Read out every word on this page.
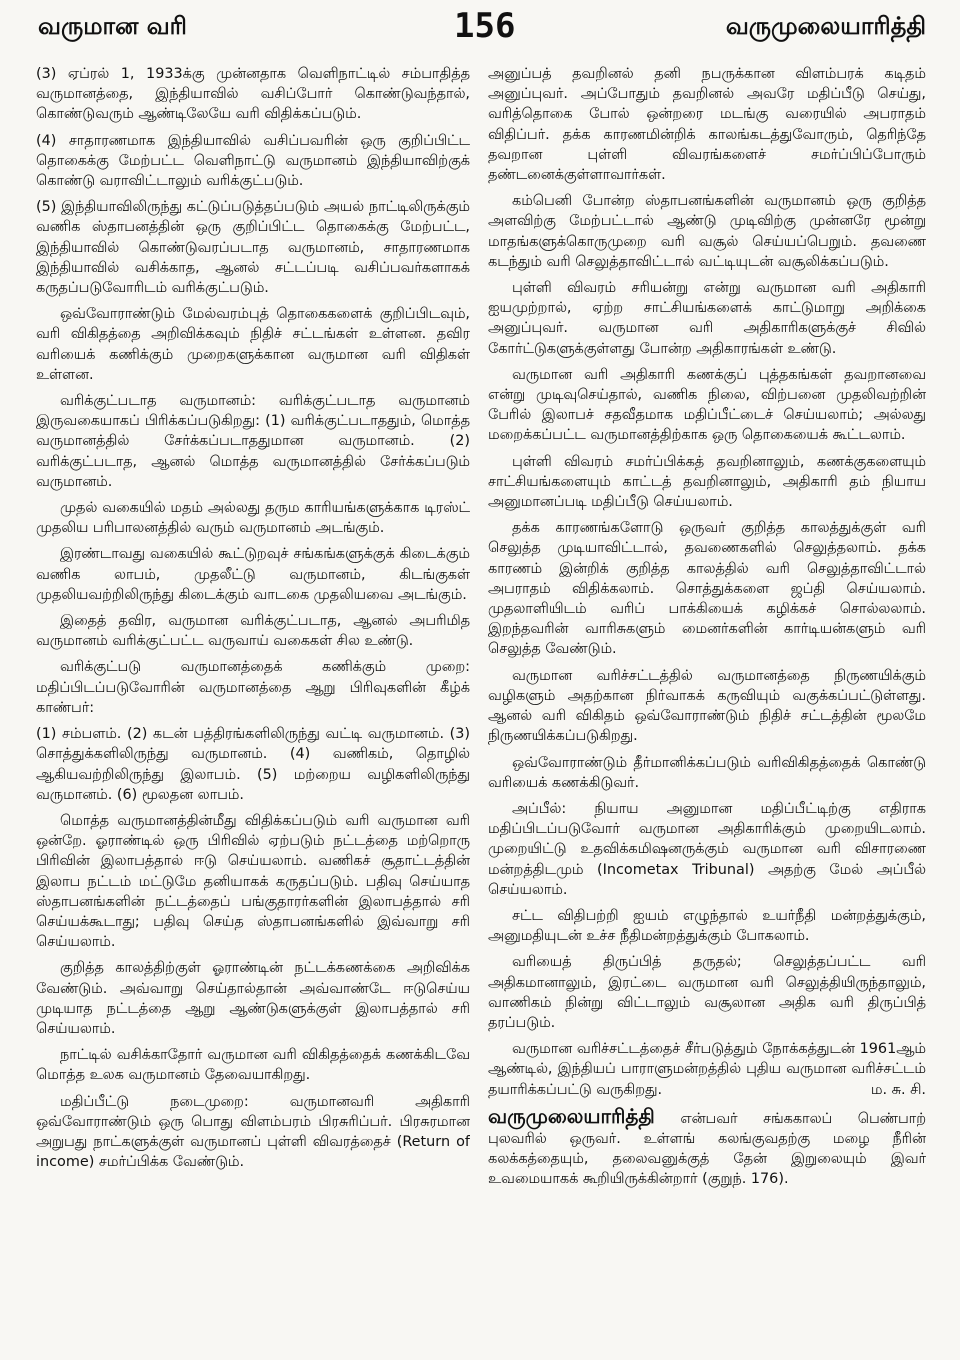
வருமான வரி	156	வருமுலையாரித்தி

(3) ஏப்ரல் 1, 1933க்கு முன்னதாக வெளிநாட்டில் சம்பாதித்த வருமானத்தை, இந்தியாவில் வசிப்போர் கொண்டுவந்தால், கொண்டுவரும் ஆண்டிலேயே வரி விதிக்கப்படும்.

(4) சாதாரணமாக இந்தியாவில் வசிப்பவரின் ஒரு குறிப்பிட்ட தொகைக்கு மேற்பட்ட வெளிநாட்டு வருமானம் இந்தியாவிற்குக் கொண்டு வராவிட்டாலும் வரிக்குட்படும்.

(5) இந்தியாவிலிருந்து கட்டுப்படுத்தப்படும் அயல் நாட்டிலிருக்கும் வணிக ஸ்தாபனத்தின் ஒரு குறிப்பிட்ட தொகைக்கு மேற்பட்ட, இந்தியாவில் கொண்டுவரப்படாத வருமானம், சாதாரணமாக இந்தியாவில் வசிக்காத, ஆனல் சட்டப்படி வசிப்பவர்களாகக் கருதப்படுவோரிடம் வரிக்குட்படும்.

ஒவ்வோராண்டும் மேல்வரம்புத் தொகைகளைக் குறிப்பிடவும், வரி விகிதத்தை அறிவிக்கவும் நிதிச் சட்டங்கள் உள்ளன. தவிர வரியைக் கணிக்கும் முறைகளுக்கான வருமான வரி விதிகள் உள்ளன.

வரிக்குட்படாத வருமானம்: வரிக்குட்படாத வருமானம் இருவகையாகப் பிரிக்கப்படுகிறது: (1) வரிக்குட்படாததும், மொத்த வருமானத்தில் சேர்க்கப்படாததுமான வருமானம். (2) வரிக்குட்படாத, ஆனல் மொத்த வருமானத்தில் சேர்க்கப்படும் வருமானம்.

முதல் வகையில் மதம் அல்லது தரும காரியங்களுக்காக டிரஸ்ட் முதலிய பரிபாலனத்தில் வரும் வருமானம் அடங்கும்.

இரண்டாவது வகையில் கூட்டுறவுச் சங்கங்களுக்குக் கிடைக்கும் வணிக லாபம், முதலீட்டு வருமானம், கிடங்குகள் முதலியவற்றிலிருந்து கிடைக்கும் வாடகை முதலியவை அடங்கும்.

இதைத் தவிர, வருமான வரிக்குட்படாத, ஆனல் அபரிமித வருமானம் வரிக்குட்பட்ட வருவாய் வகைகள் சில உண்டு.

வரிக்குட்படு வருமானத்தைக் கணிக்கும் முறை: மதிப்பிடப்படுவோரின் வருமானத்தை ஆறு பிரிவுகளின் கீழ்க் காண்பர்:

(1) சம்பளம். (2) கடன் பத்திரங்களிலிருந்து வட்டி வருமானம். (3) சொத்துக்களிலிருந்து வருமானம். (4) வணிகம், தொழில் ஆகியவற்றிலிருந்து இலாபம். (5) மற்றைய வழிகளிலிருந்து வருமானம். (6) மூலதன லாபம்.

மொத்த வருமானத்தின்மீது விதிக்கப்படும் வரி வருமான வரி ஒன்றே. ஓராண்டில் ஒரு பிரிவில் ஏற்படும் நட்டத்தை மற்றொரு பிரிவின் இலாபத்தால் ஈடு செய்யலாம். வணிகச் சூதாட்டத்தின் இலாப நட்டம் மட்டுமே தனியாகக் கருதப்படும். பதிவு செய்யாத ஸ்தாபனங்களின் நட்டத்தைப் பங்குதாரர்களின் இலாபத்தால் சரி செய்யக்கூடாது; பதிவு செய்த ஸ்தாபனங்களில் இவ்வாறு சரி செய்யலாம்.

குறித்த காலத்திற்குள் ஓராண்டின் நட்டக்கணக்கை அறிவிக்க வேண்டும். அவ்வாறு செய்தால்தான் அவ்வாண்டே ஈடுசெய்ய முடியாத நட்டத்தை ஆறு ஆண்டுகளுக்குள் இலாபத்தால் சரி செய்யலாம்.

நாட்டில் வசிக்காதோர் வருமான வரி விகிதத்தைக் கணக்கிடவே மொத்த உலக வருமானம் தேவையாகிறது.

மதிப்பீட்டு நடைமுறை: வருமானவரி அதிகாரி ஒவ்வோராண்டும் ஒரு பொது விளம்பரம் பிரசுரிப்பர். பிரசுரமான அறுபது நாட்களுக்குள் வருமானப் புள்ளி விவரத்தைச் (Return of income) சமர்ப்பிக்க வேண்டும்.

அனுப்பத் தவறினல் தனி நபருக்கான விளம்பரக் கடிதம் அனுப்புவர். அப்போதும் தவறினல் அவரே மதிப்பீடு செய்து, வரித்தொகை போல் ஒன்றரை மடங்கு வரையில் அபராதம் விதிப்பர். தக்க காரணமின்றிக் காலங்கடத்துவோரும், தெரிந்தே தவறான புள்ளி விவரங்களைச் சமர்ப்பிப்போரும் தண்டனைக்குள்ளாவார்கள்.

கம்பெனி போன்ற ஸ்தாபனங்களின் வருமானம் ஒரு குறித்த அளவிற்கு மேற்பட்டால் ஆண்டு முடிவிற்கு முன்னரே மூன்று மாதங்களுக்கொருமுறை வரி வசூல் செய்யப்பெறும். தவணை கடந்தும் வரி செலுத்தாவிட்டால் வட்டியுடன் வசூலிக்கப்படும்.

புள்ளி விவரம் சரியன்று என்று வருமான வரி அதிகாரி ஐயமுற்றால், ஏற்ற சாட்சியங்களைக் காட்டுமாறு அறிக்கை அனுப்புவர். வருமான வரி அதிகாரிகளுக்குச் சிவில் கோர்ட்டுகளுக்குள்ளது போன்ற அதிகாரங்கள் உண்டு.

வருமான வரி அதிகாரி கணக்குப் புத்தகங்கள் தவறானவை என்று முடிவுசெய்தால், வணிக நிலை, விற்பனை முதலிவற்றின் பேரில் இலாபச் சதவீதமாக மதிப்பீட்டைச் செய்யலாம்; அல்லது மறைக்கப்பட்ட வருமானத்திற்காக ஒரு தொகையைக் கூட்டலாம்.

புள்ளி விவரம் சமர்ப்பிக்கத் தவறினாலும், கணக்குகளையும் சாட்சியங்களையும் காட்டத் தவறினாலும், அதிகாரி தம் நியாய அனுமானப்படி மதிப்பீடு செய்யலாம்.

தக்க காரணங்களோடு ஒருவர் குறித்த காலத்துக்குள் வரி செலுத்த முடியாவிட்டால், தவணைகளில் செலுத்தலாம். தக்க காரணம் இன்றிக் குறித்த காலத்தில் வரி செலுத்தாவிட்டால் அபராதம் விதிக்கலாம். சொத்துக்களை ஜப்தி செய்யலாம். முதலாளியிடம் வரிப் பாக்கியைக் கழிக்கச் சொல்லலாம். இறந்தவரின் வாரிசுகளும் மைனர்களின் கார்டியன்களும் வரி செலுத்த வேண்டும்.

வருமான வரிச்சட்டத்தில் வருமானத்தை நிருணயிக்கும் வழிகளும் அதற்கான நிர்வாகக் கருவியும் வகுக்கப்பட்டுள்ளது. ஆனல் வரி விகிதம் ஒவ்வோராண்டும் நிதிச் சட்டத்தின் மூலமே நிருணயிக்கப்படுகிறது.

ஒவ்வோராண்டும் தீர்மானிக்கப்படும் வரிவிகிதத்தைக் கொண்டு வரியைக் கணக்கிடுவர்.

அப்பீல்: நியாய அனுமான மதிப்பீட்டிற்கு எதிராக மதிப்பிடப்படுவோர் வருமான அதிகாரிக்கும் முறையிடலாம். முறையிட்டு உதவிக்கமிஷனருக்கும் வருமான வரி விசாரணை மன்றத்திடமும் (Incometax Tribunal) அதற்கு மேல் அப்பீல் செய்யலாம்.

சட்ட விதிபற்றி ஐயம் எழுந்தால் உயர்நீதி மன்றத்துக்கும், அனுமதியுடன் உச்ச நீதிமன்றத்துக்கும் போகலாம்.

வரியைத் திருப்பித் தருதல்; செலுத்தப்பட்ட வரி அதிகமானாலும், இரட்டை வருமான வரி செலுத்தியிருந்தாலும், வாணிகம் நின்று விட்டாலும் வசூலான அதிக வரி திருப்பித் தரப்படும்.

வருமான வரிச்சட்டத்தைச் சீர்படுத்தும் நோக்கத்துடன் 1961ஆம் ஆண்டில், இந்தியப் பாராளுமன்றத்தில் புதிய வருமான வரிச்சட்டம் தயாரிக்கப்பட்டு வருகிறது.	ம. சு. சி.

வருமுலையாரித்தி என்பவர் சங்ககாலப் பெண்பாற் புலவரில் ஒருவர். உள்ளங் கலங்குவதற்கு மழை நீரின் கலக்கத்தையும், தலைவனுக்குத் தேன் இறுலையும் இவர் உவமையாகக் கூறியிருக்கின்றார் (குறுந். 176).
